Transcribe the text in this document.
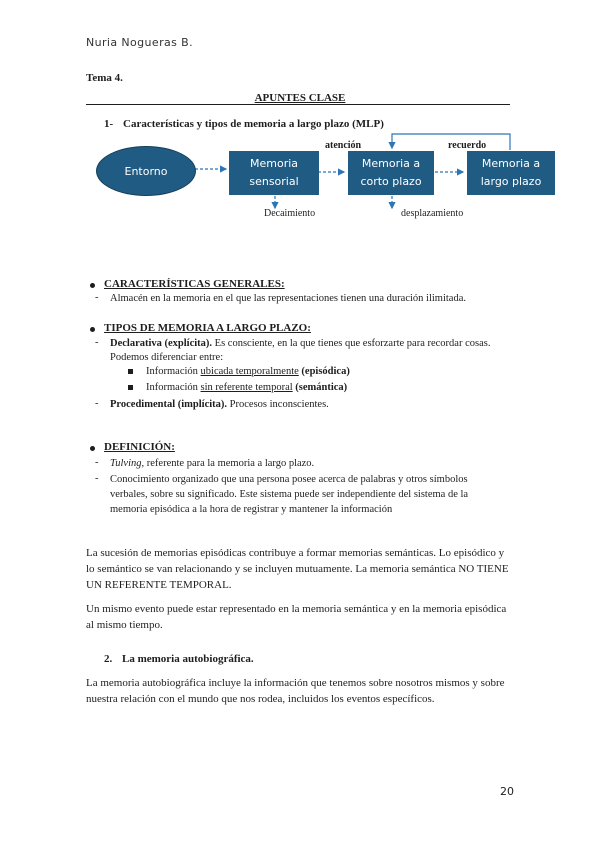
Nuria Nogueras B.

Tema 4.

APUNTES CLASE

1- Características y tipos de memoria a largo plazo (MLP)

Entorno
Memoria
sensorial
Memoria a
corto plazo
Memoria a
largo plazo

atención	recuerdo

Decaimiento	desplazamiento

CARACTERÍSTICAS GENERALES:

- Almacén en la memoria en el que las representaciones tienen una duración ilimitada.

TIPOS DE MEMORIA A LARGO PLAZO:

- Declarativa (explícita). Es consciente, en la que tienes que esforzarte para recordar cosas.

Podemos diferenciar entre:

Información ubicada temporalmente (episódica)

Información sin referente temporal (semántica)

- Procedimental (implícita). Procesos inconscientes.

DEFINICIÓN:

- Tulving, referente para la memoria a largo plazo.

- Conocimiento organizado que una persona posee acerca de palabras y otros símbolos

verbales, sobre su significado. Este sistema puede ser independiente del sistema de la

memoria episódica a la hora de registrar y mantener la información

La sucesión de memorias episódicas contribuye a formar memorias semánticas. Lo episódico y

lo semántico se van relacionando y se incluyen mutuamente. La memoria semántica NO TIENE

UN REFERENTE TEMPORAL.

Un mismo evento puede estar representado en la memoria semántica y en la memoria episódica

al mismo tiempo.

2. La memoria autobiográfica.

La memoria autobiográfica incluye la información que tenemos sobre nosotros mismos y sobre

nuestra relación con el mundo que nos rodea, incluidos los eventos específicos.

20
